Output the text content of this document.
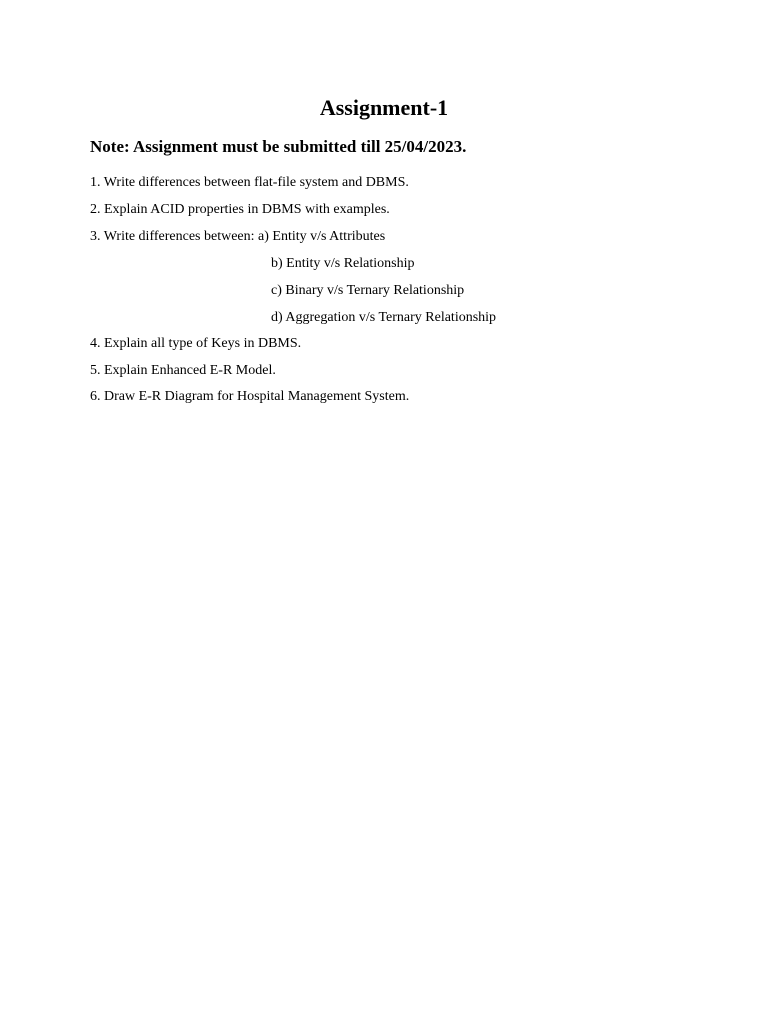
Assignment-1
Note: Assignment must be submitted till 25/04/2023.
1. Write differences between flat-file system and DBMS.
2. Explain ACID properties in DBMS with examples.
3. Write differences between: a) Entity v/s Attributes
b) Entity v/s Relationship
c) Binary v/s Ternary Relationship
d) Aggregation v/s Ternary Relationship
4. Explain all type of Keys in DBMS.
5. Explain Enhanced E-R Model.
6. Draw E-R Diagram for Hospital Management System.
